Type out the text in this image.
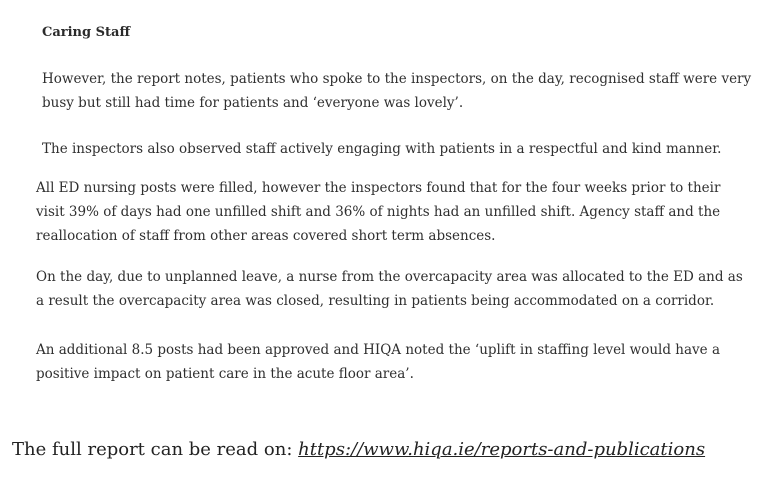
Caring Staff

However, the report notes, patients who spoke to the inspectors, on the day, recognised staff were very busy but still had time for patients and ‘everyone was lovely’.

The inspectors also observed staff actively engaging with patients in a respectful and kind manner.

All ED nursing posts were filled, however the inspectors found that for the four weeks prior to their visit 39% of days had one unfilled shift and 36% of nights had an unfilled shift. Agency staff and the reallocation of staff from other areas covered short term absences.

On the day, due to unplanned leave, a nurse from the overcapacity area was allocated to the ED and as a result the overcapacity area was closed, resulting in patients being accommodated on a corridor.

An additional 8.5 posts had been approved and HIQA noted the ‘uplift in staffing level would have a positive impact on patient care in the acute floor area’.

The full report can be read on: https://www.hiqa.ie/reports-and-publications
